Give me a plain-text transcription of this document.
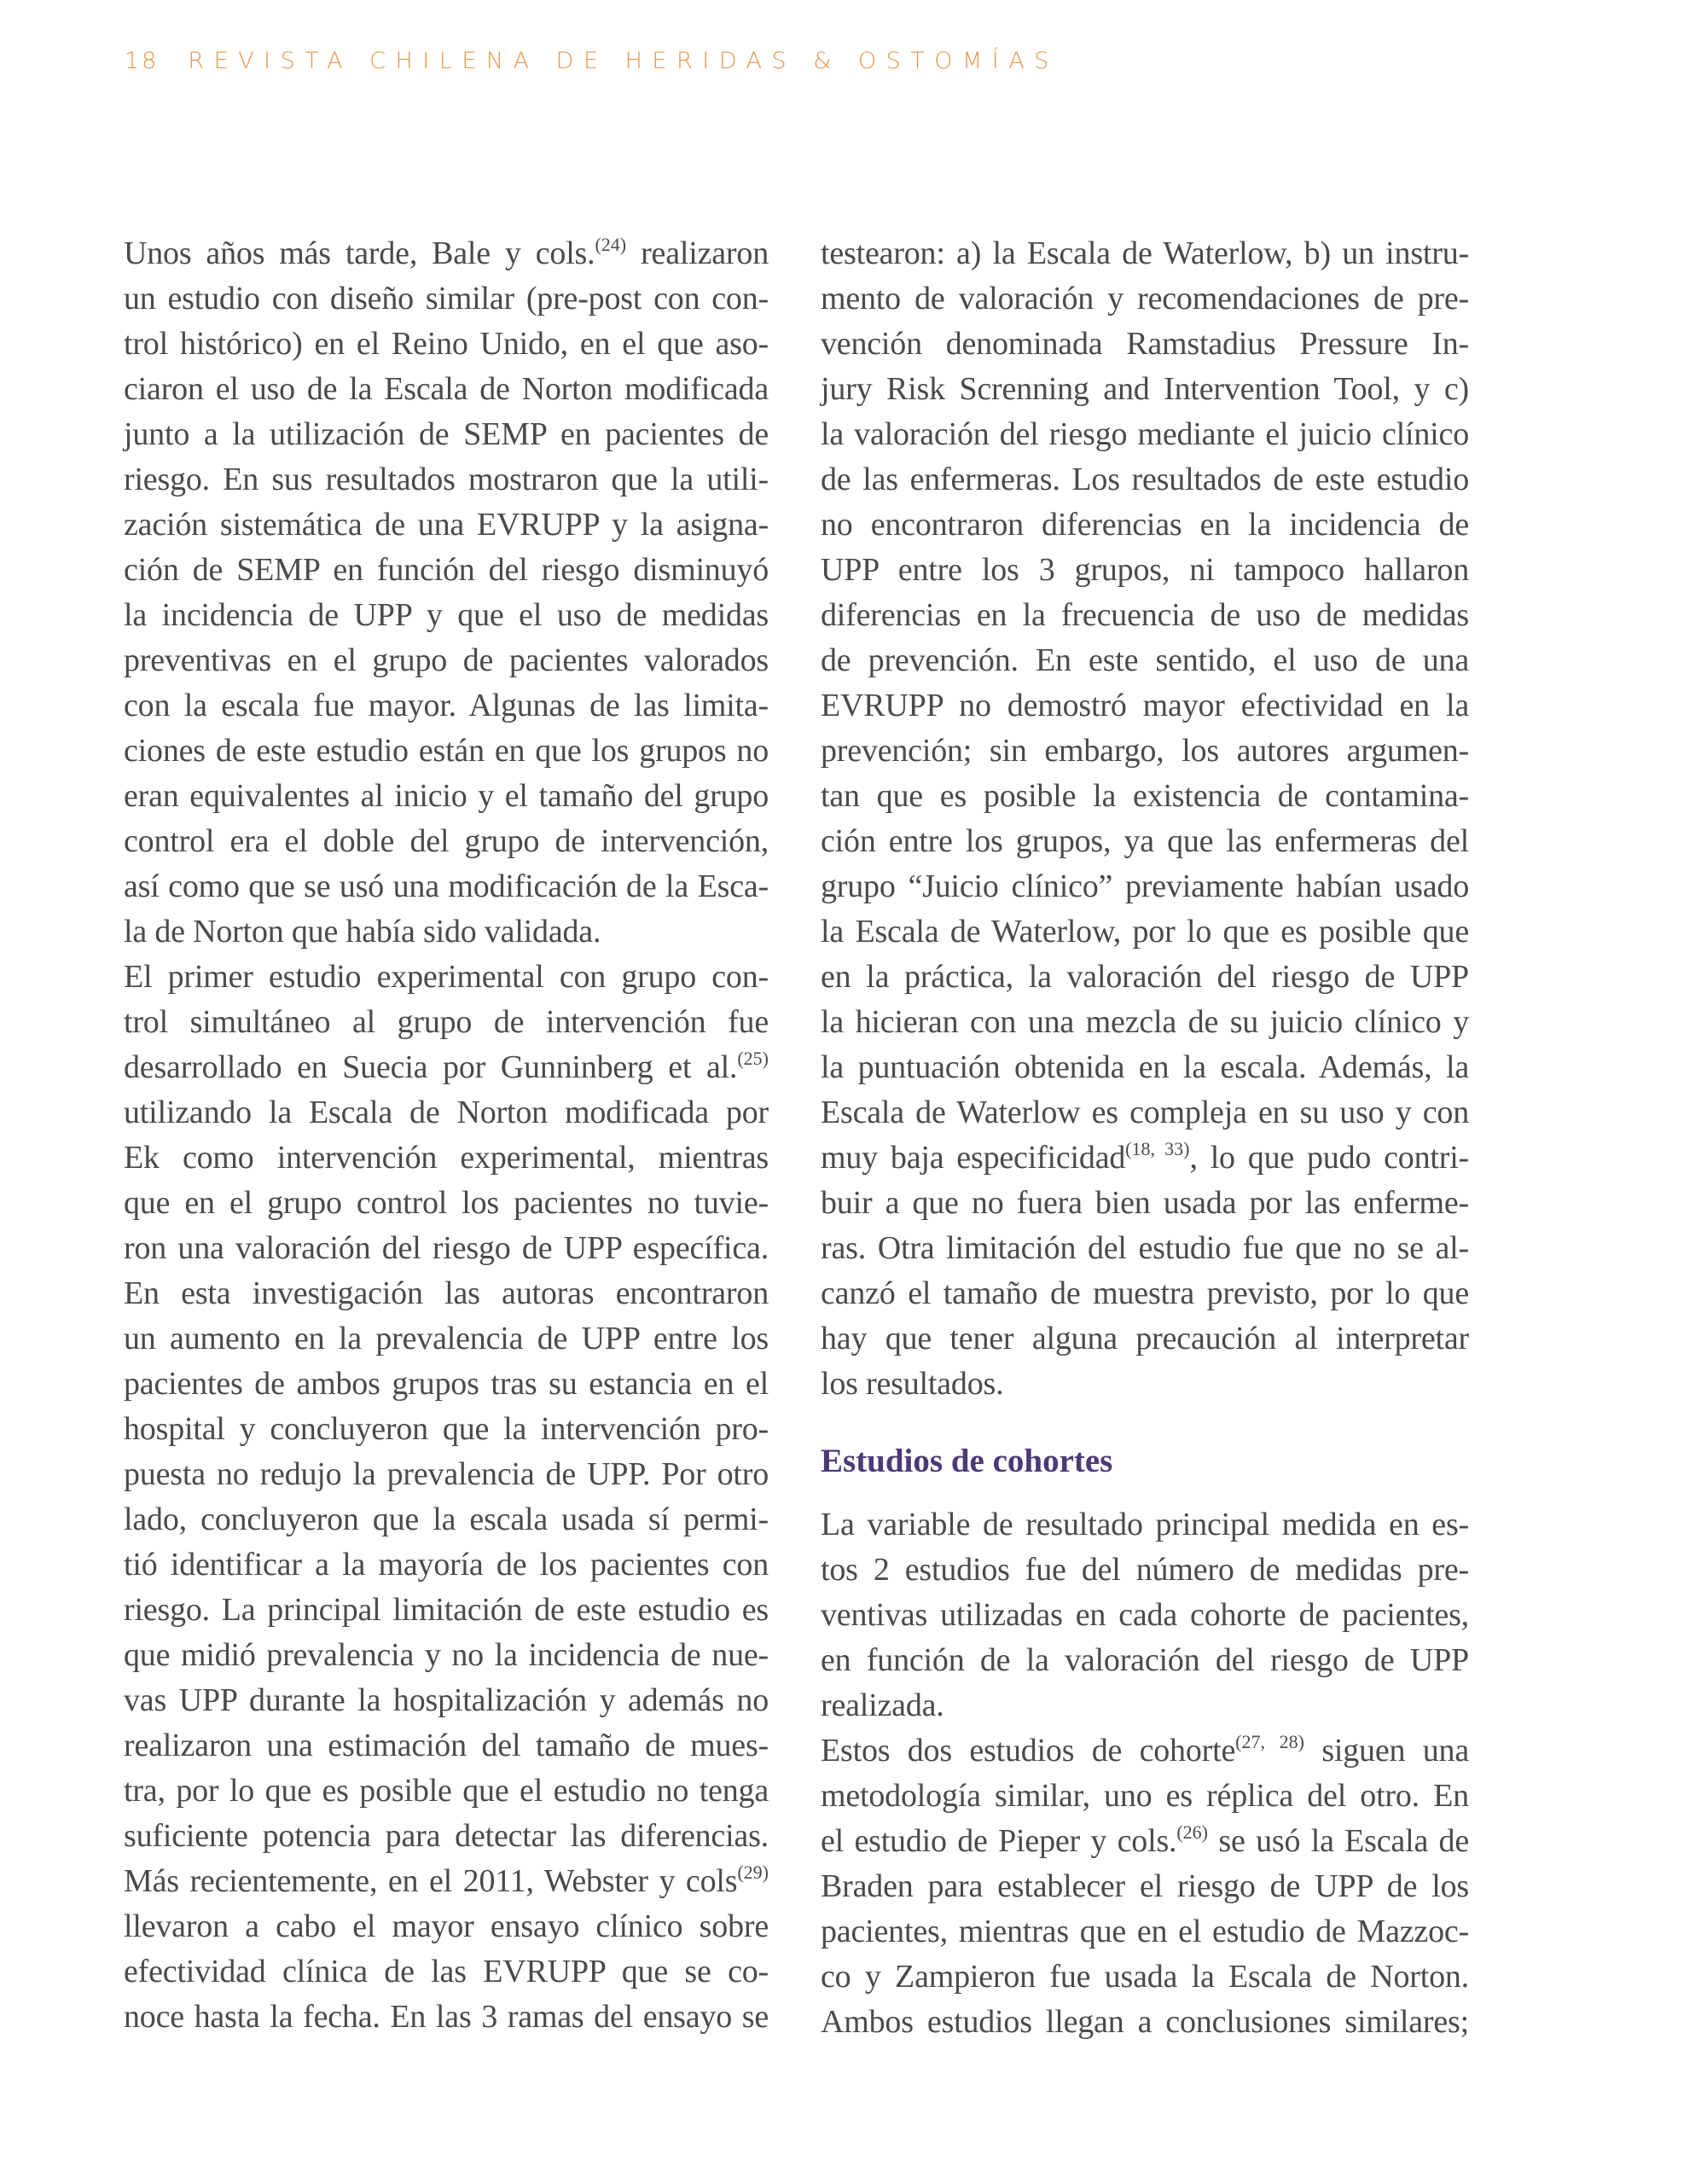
18 REVISTA CHILENA DE HERIDAS & OSTOMÍAS
Unos años más tarde, Bale y cols.$^{(24)}$ realizaron
un estudio con diseño similar (pre-post con con-
trol histórico) en el Reino Unido, en el que aso-
ciaron el uso de la Escala de Norton modificada
junto a la utilización de SEMP en pacientes de
riesgo. En sus resultados mostraron que la utili-
zación sistemática de una EVRUPP y la asigna-
ción de SEMP en función del riesgo disminuyó
la incidencia de UPP y que el uso de medidas
preventivas en el grupo de pacientes valorados
con la escala fue mayor. Algunas de las limita-
ciones de este estudio están en que los grupos no
eran equivalentes al inicio y el tamaño del grupo
control era el doble del grupo de intervención,
así como que se usó una modificación de la Esca-
la de Norton que había sido validada.
El primer estudio experimental con grupo con-
trol simultáneo al grupo de intervención fue
desarrollado en Suecia por Gunninberg et al.$^{(25)}$
utilizando la Escala de Norton modificada por
Ek como intervención experimental, mientras
que en el grupo control los pacientes no tuvie-
ron una valoración del riesgo de UPP específica.
En esta investigación las autoras encontraron
un aumento en la prevalencia de UPP entre los
pacientes de ambos grupos tras su estancia en el
hospital y concluyeron que la intervención pro-
puesta no redujo la prevalencia de UPP. Por otro
lado, concluyeron que la escala usada sí permi-
tió identificar a la mayoría de los pacientes con
riesgo. La principal limitación de este estudio es
que midió prevalencia y no la incidencia de nue-
vas UPP durante la hospitalización y además no
realizaron una estimación del tamaño de mues-
tra, por lo que es posible que el estudio no tenga
suficiente potencia para detectar las diferencias.
Más recientemente, en el 2011, Webster y cols$^{(29)}$
llevaron a cabo el mayor ensayo clínico sobre
efectividad clínica de las EVRUPP que se co-
noce hasta la fecha. En las 3 ramas del ensayo se
Estudios de cohortes
testearon: a) la Escala de Waterlow, b) un instru-
mento de valoración y recomendaciones de pre-
vención denominada Ramstadius Pressure In-
jury Risk Screnning and Intervention Tool, y c)
la valoración del riesgo mediante el juicio clínico
de las enfermeras. Los resultados de este estudio
no encontraron diferencias en la incidencia de
UPP entre los 3 grupos, ni tampoco hallaron
diferencias en la frecuencia de uso de medidas
de prevención. En este sentido, el uso de una
EVRUPP no demostró mayor efectividad en la
prevención; sin embargo, los autores argumen-
tan que es posible la existencia de contamina-
ción entre los grupos, ya que las enfermeras del
grupo “Juicio clínico” previamente habían usado
la Escala de Waterlow, por lo que es posible que
en la práctica, la valoración del riesgo de UPP
la hicieran con una mezcla de su juicio clínico y
la puntuación obtenida en la escala. Además, la
Escala de Waterlow es compleja en su uso y con
muy baja especificidad$^{(18, 33)}$, lo que pudo contri-
buir a que no fuera bien usada por las enferme-
ras. Otra limitación del estudio fue que no se al-
canzó el tamaño de muestra previsto, por lo que
hay que tener alguna precaución al interpretar
los resultados.
La variable de resultado principal medida en es-
tos 2 estudios fue del número de medidas pre-
ventivas utilizadas en cada cohorte de pacientes,
en función de la valoración del riesgo de UPP
realizada.
Estos dos estudios de cohorte$^{(27, 28)}$ siguen una
metodología similar, uno es réplica del otro. En
el estudio de Pieper y cols.$^{(26)}$ se usó la Escala de
Braden para establecer el riesgo de UPP de los
pacientes, mientras que en el estudio de Mazzoc-
co y Zampieron fue usada la Escala de Norton.
Ambos estudios llegan a conclusiones similares;
